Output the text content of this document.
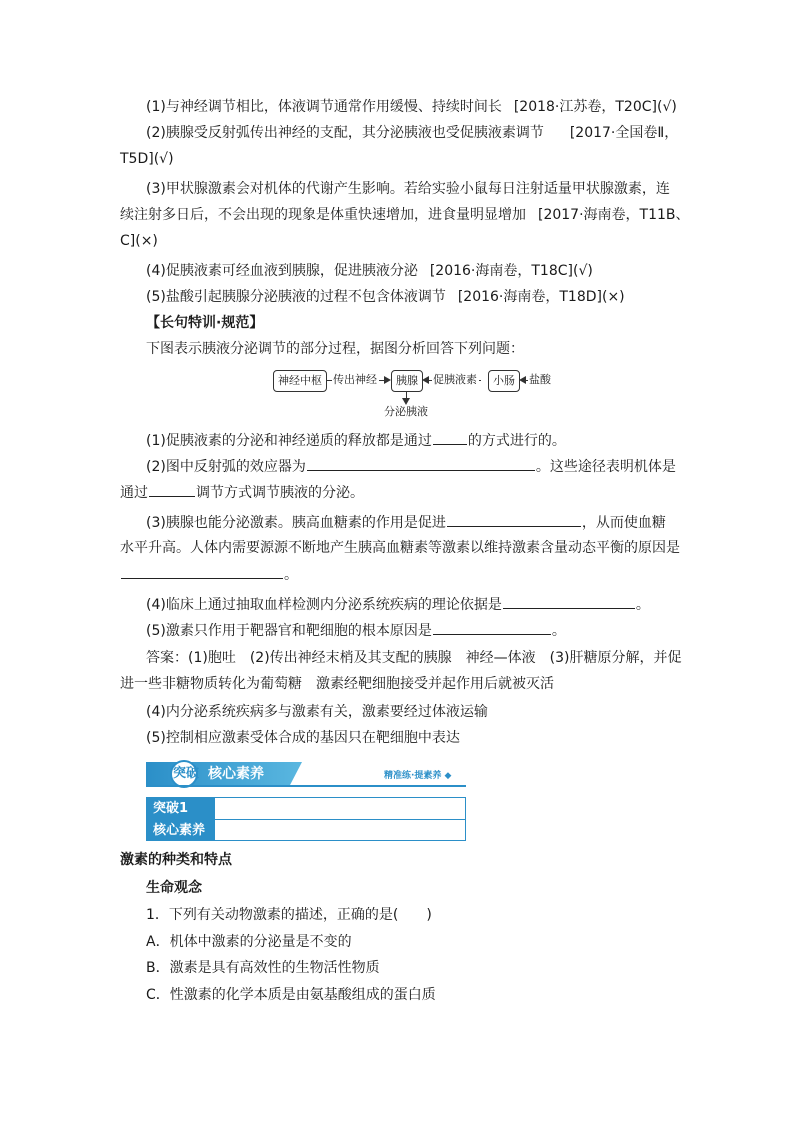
(1)与神经调节相比，体液调节通常作用缓慢、持续时间长 [2018·江苏卷，T20C](√)
(2)胰腺受反射弧传出神经的支配，其分泌胰液也受促胰液素调节 [2017·全国卷Ⅱ，
T5D](√)
(3)甲状腺激素会对机体的代谢产生影响。若给实验小鼠每日注射适量甲状腺激素，连
续注射多日后，不会出现的现象是体重快速增加，进食量明显增加 [2017·海南卷，T11B、
C](×)
(4)促胰液素可经血液到胰腺，促进胰液分泌 [2016·海南卷，T18C](√)
(5)盐酸引起胰腺分泌胰液的过程不包含体液调节 [2016·海南卷，T18D](×)
【长句特训·规范】
下图表示胰液分泌调节的部分过程，据图分析回答下列问题：
神经中枢	传出神经	胰腺	促胰液素	小肠	盐酸
分泌胰液
(1)促胰液素的分泌和神经递质的释放都是通过	的方式进行的。
(2)图中反射弧的效应器为	。这些途径表明机体是
通过	调节方式调节胰液的分泌。
(3)胰腺也能分泌激素。胰高血糖素的作用是促进	，从而使血糖
水平升高。人体内需要源源不断地产生胰高血糖素等激素以维持激素含量动态平衡的原因是
。
(4)临床上通过抽取血样检测内分泌系统疾病的理论依据是	。
(5)激素只作用于靶器官和靶细胞的根本原因是	。
答案：(1)胞吐　(2)传出神经末梢及其支配的胰腺　神经—体液　(3)肝糖原分解，并促
进一些非糖物质转化为葡萄糖　激素经靶细胞接受并起作用后就被灭活
(4)内分泌系统疾病多与激素有关，激素要经过体液运输
(5)控制相应激素受体合成的基因只在靶细胞中表达
突破 核心素养	精准练·提素养 ◆
突破1
核心素养
激素的种类和特点
生命观念
1．下列有关动物激素的描述，正确的是(　　)
A．机体中激素的分泌量是不变的
B．激素是具有高效性的生物活性物质
C．性激素的化学本质是由氨基酸组成的蛋白质
